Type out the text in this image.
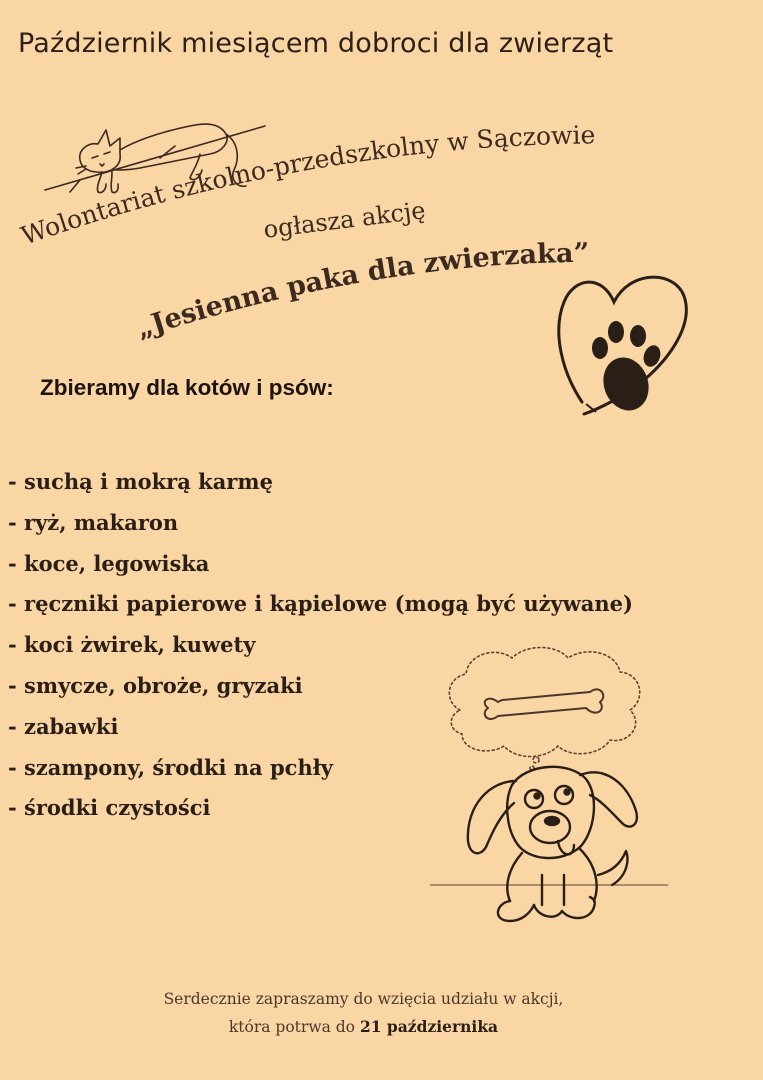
Październik miesiącem dobroci dla zwierząt
Wolontariat szkolno-przedszkolny w Sączowie
„Jesienna paka dla zwierzaka”
ogłasza akcję
Zbieramy dla kotów i psów:
- suchą i mokrą karmę
- ryż, makaron
- koce, legowiska
- ręczniki papierowe i kąpielowe (mogą być używane)
- koci żwirek, kuwety
- smycze, obroże, gryzaki
- zabawki
- szampony, środki na pchły
- środki czystości
Serdecznie zapraszamy do wzięcia udziału w akcji,
która potrwa do 21 października
